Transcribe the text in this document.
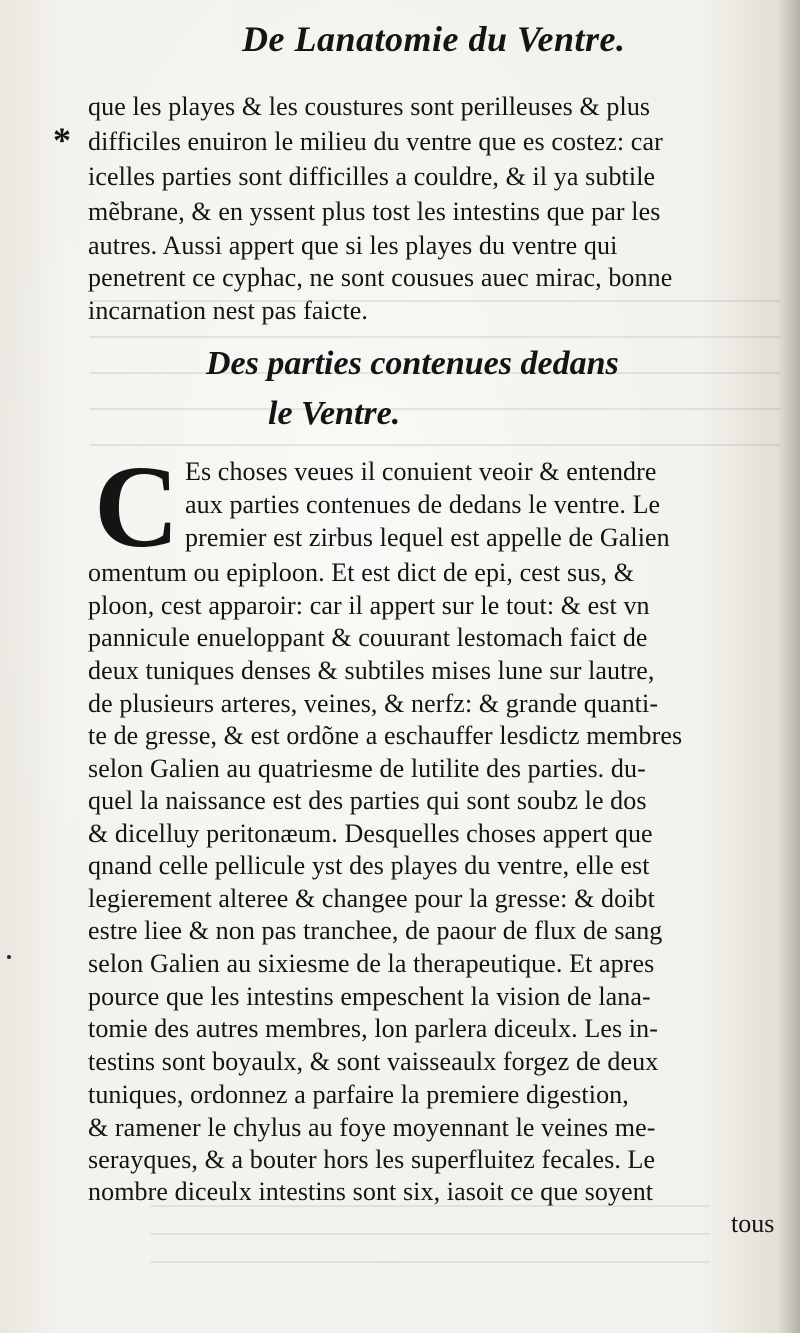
De Lanatomie du Ventre.
*
que les playes & les coustures sont perilleuses & plus
difficiles enuiron le milieu du ventre que es costez: car
icelles parties sont difficilles a couldre, & il ya subtile
mẽbrane, & en yssent plus tost les intestins que par les
autres. Aussi appert que si les playes du ventre qui
penetrent ce cyphac, ne sont cousues auec mirac, bonne
incarnation nest pas faicte.
Des parties contenues dedans
le Ventre.
C Es choses veues il conuient veoir & entendre
aux parties contenues de dedans le ventre. Le
premier est zirbus lequel est appelle de Galien
omentum ou epiploon. Et est dict de epi, cest sus, &
ploon, cest apparoir: car il appert sur le tout: & est vn
pannicule enueloppant & couurant lestomach faict de
deux tuniques denses & subtiles mises lune sur lautre,
de plusieurs arteres, veines, & nerfz: & grande quanti-
te de gresse, & est ordõne a eschauffer lesdictz membres
selon Galien au quatriesme de lutilite des parties. du-
quel la naissance est des parties qui sont soubz le dos
& dicelluy peritonæum. Desquelles choses appert que
qnand celle pellicule yst des playes du ventre, elle est
legierement alteree & changee pour la gresse: & doibt
estre liee & non pas tranchee, de paour de flux de sang
selon Galien au sixiesme de la therapeutique. Et apres
pource que les intestins empeschent la vision de lana-
tomie des autres membres, lon parlera diceulx. Les in-
testins sont boyaulx, & sont vaisseaulx forgez de deux
tuniques, ordonnez a parfaire la premiere digestion,
& ramener le chylus au foye moyennant le veines me-
serayques, & a bouter hors les superfluitez fecales. Le
nombre diceulx intestins sont six, iasoit ce que soyent
tous
